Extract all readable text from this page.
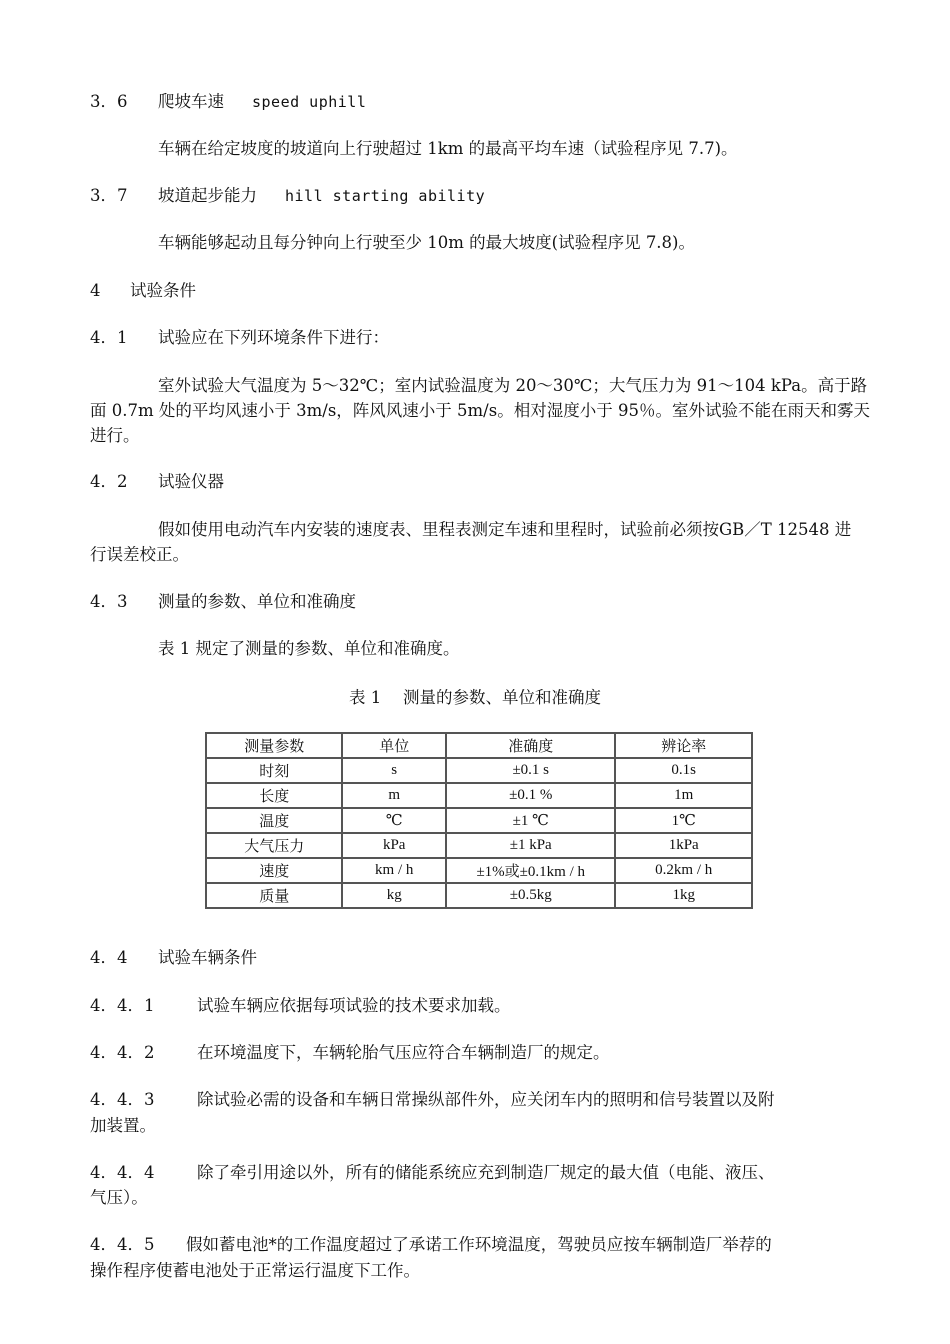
3．6 爬坡车速 speed uphill
车辆在给定坡度的坡道向上行驶超过 1km 的最高平均车速（试验程序见 7.7)。
3．7 坡道起步能力 hill starting ability
车辆能够起动且每分钟向上行驶至少 10m 的最大坡度(试验程序见 7.8)。
4 试验条件
4．1 试验应在下列环境条件下进行：
室外试验大气温度为 5～32℃；室内试验温度为 20～30℃；大气压力为 91～104 kPa。高于路面 0.7m 处的平均风速小于 3m/s，阵风风速小于 5m/s。相对湿度小于 95％。室外试验不能在雨天和雾天进行。
4．2 试验仪器
假如使用电动汽车内安装的速度表、里程表测定车速和里程时，试验前必须按GB／T 12548 进行误差校正。
4．3 测量的参数、单位和准确度
表 1 规定了测量的参数、单位和准确度。
表 1　 测量的参数、单位和准确度
测量参数	单位	准确度	辨论率
时刻	s	±0.1 s	0.1s
长度	m	±0.1 %	1m
温度	℃	±1 ℃	1℃
大气压力	kPa	±1 kPa	1kPa
速度	km / h	±1%或±0.1km / h	0.2km / h
质量	kg	±0.5kg	1kg
4．4 试验车辆条件
4．4．1	试验车辆应依据每项试验的技术要求加载。
4．4．2	在环境温度下，车辆轮胎气压应符合车辆制造厂的规定。
4．4．3	除试验必需的设备和车辆日常操纵部件外，应关闭车内的照明和信号装置以及附
加装置。
4．4．4	除了牵引用途以外，所有的储能系统应充到制造厂规定的最大值（电能、液压、
气压）。
4．4．5 假如蓄电池*的工作温度超过了承诺工作环境温度，驾驶员应按车辆制造厂举荐的
操作程序使蓄电池处于正常运行温度下工作。
